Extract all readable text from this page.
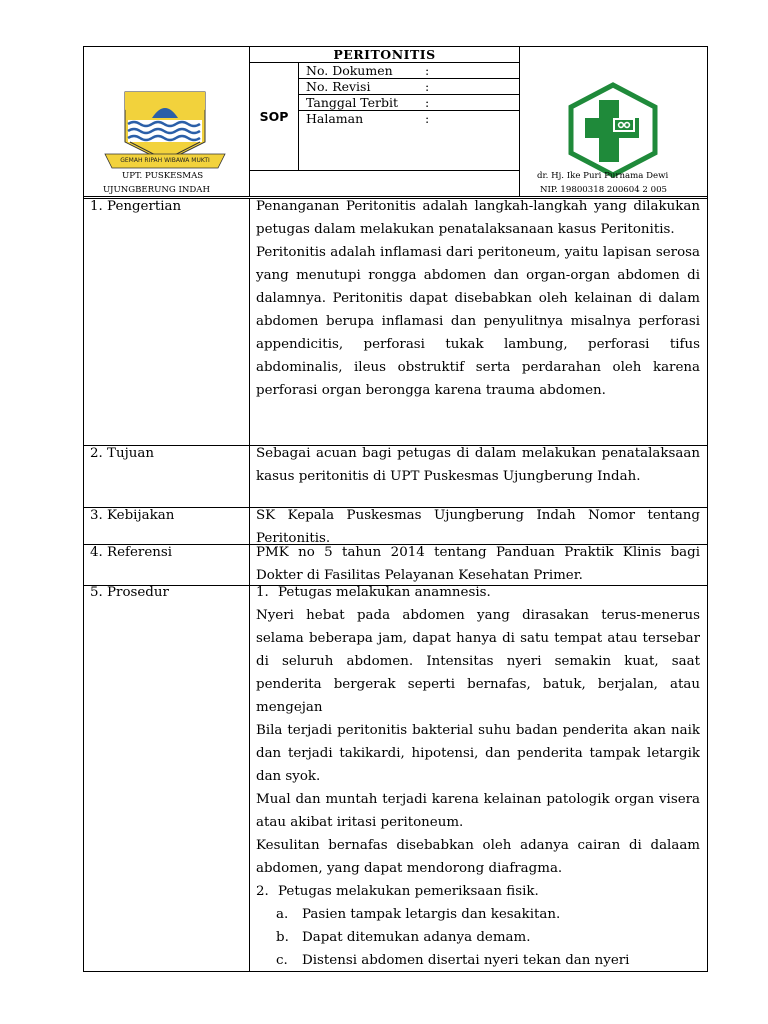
GEMAH RIPAH WIBAWA MUKTI
UPT. PUSKESMAS
UJUNGBERUNG INDAH
PERITONITIS
SOP
No. Dokumen	:
No. Revisi	:
Tanggal Terbit :
Halaman	:
dr. Hj. Ike Puri Purnama Dewi
NIP. 19800318 200604 2 005
1. Pengertian	Penanganan Peritonitis adalah langkah-langkah yang dilakukan petugas dalam melakukan penatalaksanaan kasus Peritonitis.

Peritonitis adalah inflamasi dari peritoneum, yaitu lapisan serosa yang menutupi rongga abdomen dan organ-organ abdomen di dalamnya. Peritonitis dapat disebabkan oleh kelainan di dalam abdomen berupa inflamasi dan penyulitnya misalnya perforasi appendicitis, perforasi tukak lambung, perforasi tifus abdominalis, ileus obstruktif serta perdarahan oleh karena perforasi organ berongga karena trauma abdomen.

2. Tujuan	Sebagai acuan bagi petugas di dalam melakukan penatalaksaan kasus peritonitis di UPT Puskesmas Ujungberung Indah.

3. Kebijakan	SK Kepala Puskesmas Ujungberung Indah Nomor tentang Peritonitis.

4. Referensi	PMK no 5 tahun 2014 tentang Panduan Praktik Klinis bagi Dokter di Fasilitas Pelayanan Kesehatan Primer.

5. Prosedur	1. Petugas melakukan anamnesis.

Nyeri hebat pada abdomen yang dirasakan terus-menerus selama beberapa jam, dapat hanya di satu tempat atau tersebar di seluruh abdomen. Intensitas nyeri semakin kuat, saat penderita bergerak seperti bernafas, batuk, berjalan, atau mengejan

Bila terjadi peritonitis bakterial suhu badan penderita akan naik dan terjadi takikardi, hipotensi, dan penderita tampak letargik dan syok.

Mual dan muntah terjadi karena kelainan patologik organ visera atau akibat iritasi peritoneum.

Kesulitan bernafas disebabkan oleh adanya cairan di dalaam abdomen, yang dapat mendorong diafragma.

2. Petugas melakukan pemeriksaan fisik.
a.	Pasien tampak letargis dan kesakitan.
b. Dapat ditemukan adanya demam.
c.	Distensi abdomen disertai nyeri tekan dan nyeri
